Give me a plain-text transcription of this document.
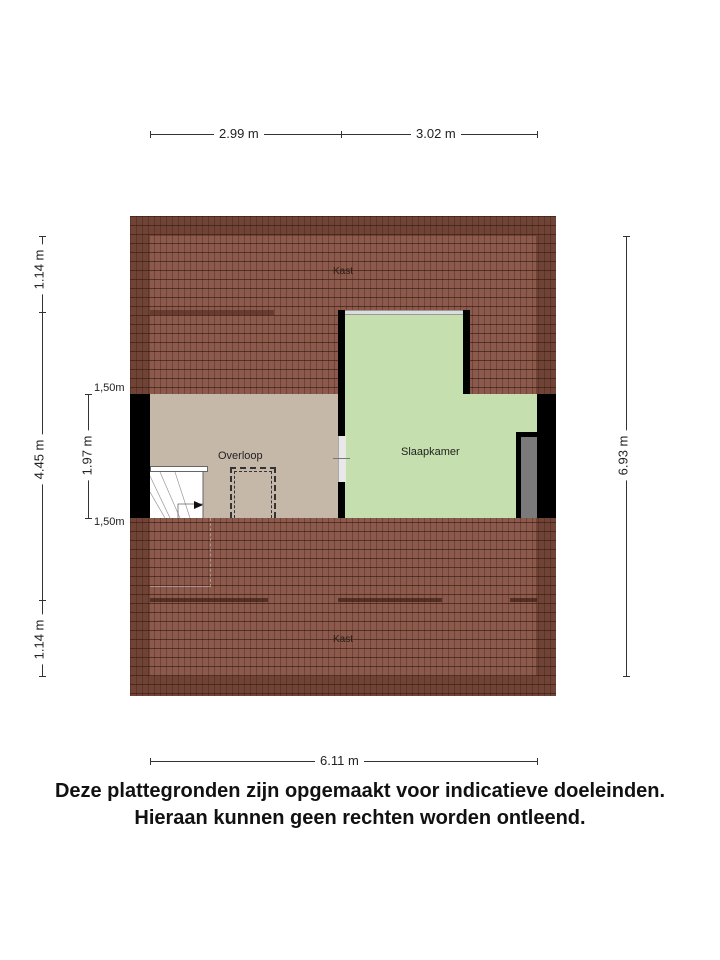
2.99 m	3.02 m
6.11 m
1.14 m
4.45 m
1.14 m
1.97 m
1,50m
1,50m
6.93 m
Kast
Kast
Overloop	Slaapkamer
Deze plattegronden zijn opgemaakt voor indicatieve doeleinden.
Hieraan kunnen geen rechten worden ontleend.
